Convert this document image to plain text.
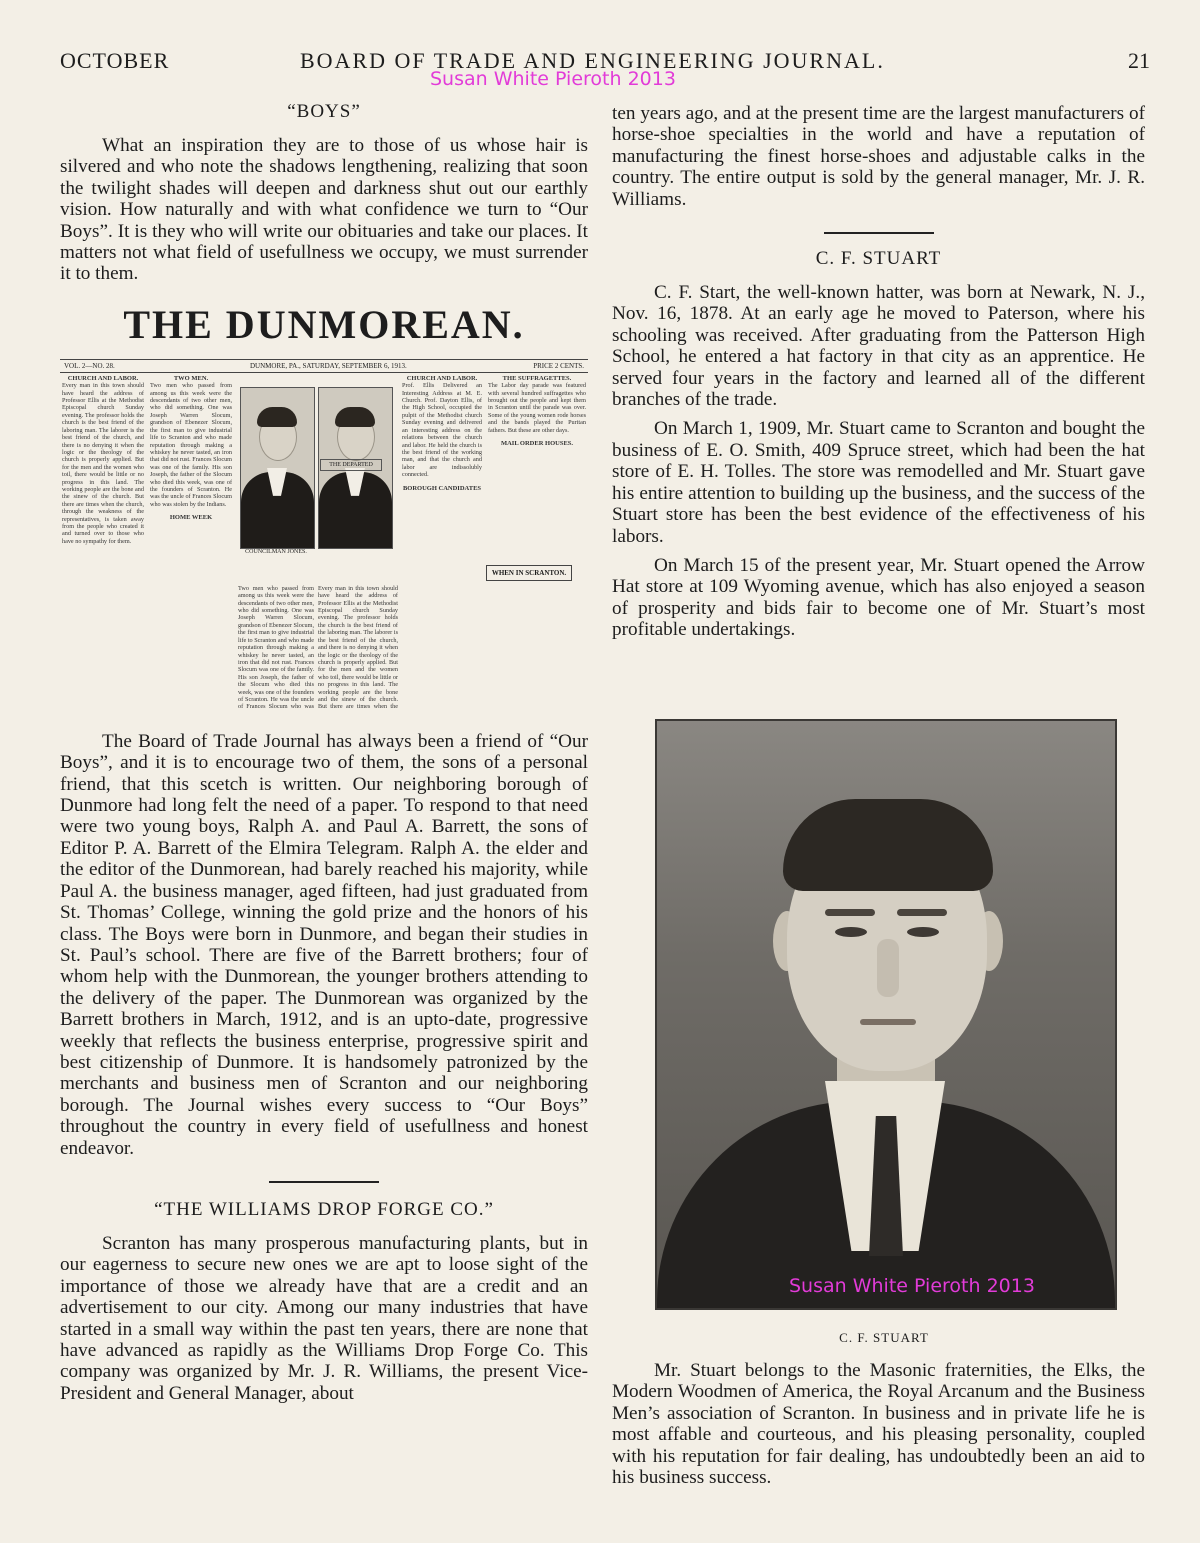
OCTOBER	BOARD OF TRADE AND ENGINEERING JOURNAL.	21
Susan White Pieroth 2013
“BOYS”

What an inspiration they are to those of us whose hair is silvered and who note the shadows lengthening, realizing that soon the twilight shades will deepen and darkness shut out our earthly vision. How naturally and with what confidence we turn to “Our Boys”. It is they who will write our obituaries and take our places. It matters not what field of usefullness we occupy, we must surrender it to them.

THE DUNMOREAN.
VOL. 2—NO. 28.	DUNMORE, PA., SATURDAY, SEPTEMBER 6, 1913.	PRICE 2 CENTS.
CHURCH AND LABOR.
Every man in this town should have heard the address of Professor Ellis at the Methodist Episcopal church Sunday evening. The professor holds the church is the best friend of the laboring man. The laborer is the best friend of the church, and there is no denying it when the logic or the theology of the church is properly applied. But for the men and the women who toil, there would be little or no progress in this land. The working people are the bone and the sinew of the church. But there are times when the church, through the weakness of the representatives, is taken away from the people who created it and turned over to those who have no sympathy for them.
TWO MEN.
Two men who passed from among us this week were the descendants of two other men, who did something. One was Joseph Warren Slocum, grandson of Ebenezer Slocum, the first man to give industrial life to Scranton and who made reputation through making a whiskey he never tasted, an iron that did not rust. Frances Slocum was one of the family. His son Joseph, the father of the Slocum who died this week, was one of the founders of Scranton. He was the uncle of Frances Slocum who was stolen by the Indians.
HOME WEEK
COUNCILMAN JONES.
THE DEPARTED
Two men who passed from among us this week were the descendants of two other men, who did something. One was Joseph Warren Slocum, grandson of Ebenezer Slocum, the first man to give industrial life to Scranton and who made reputation through making a whiskey he never tasted, an iron that did not rust. Frances Slocum was one of the family. His son Joseph, the father of the Slocum who died this week, was one of the founders of Scranton. He was the uncle of Frances Slocum who was
Every man in this town should have heard the address of Professor Ellis at the Methodist Episcopal church Sunday evening. The professor holds the church is the best friend of the laboring man. The laborer is the best friend of the church, and there is no denying it when the logic or the theology of the church is properly applied. But for the men and the women who toil, there would be little or no progress in this land. The working people are the bone and the sinew of the church. But there are times when the
CHURCH AND LABOR.
Prof. Ellis Delivered an Interesting Address at M. E. Church. Prof. Dayton Ellis, of the High School, occupied the pulpit of the Methodist church Sunday evening and delivered an interesting address on the relations between the church and labor. He held the church is the best friend of the working man, and that the church and labor are indissolubly connected.
BOROUGH CANDIDATES
THE SUFFRAGETTES.
The Labor day parade was featured with several hundred suffragettes who brought out the people and kept them in Scranton until the parade was over. Some of the young women rode horses and the bands played the Puritan fathers. But these are other days.
MAIL ORDER HOUSES.
WHEN IN SCRANTON.

The Board of Trade Journal has always been a friend of “Our Boys”, and it is to encourage two of them, the sons of a personal friend, that this scetch is written. Our neighboring borough of Dunmore had long felt the need of a paper. To respond to that need were two young boys, Ralph A. and Paul A. Barrett, the sons of Editor P. A. Barrett of the Elmira Telegram. Ralph A. the elder and the editor of the Dunmorean, had barely reached his majority, while Paul A. the business manager, aged fifteen, had just graduated from St. Thomas’ College, winning the gold prize and the honors of his class. The Boys were born in Dunmore, and began their studies in St. Paul’s school. There are five of the Barrett brothers; four of whom help with the Dunmorean, the younger brothers attending to the delivery of the paper. The Dunmorean was organized by the Barrett brothers in March, 1912, and is an upto-date, progressive weekly that reflects the business enterprise, progressive spirit and best citizenship of Dunmore. It is handsomely patronized by the merchants and business men of Scranton and our neighboring borough. The Journal wishes every success to “Our Boys” throughout the country in every field of usefullness and honest endeavor.

“THE WILLIAMS DROP FORGE CO.”

Scranton has many prosperous manufacturing plants, but in our eagerness to secure new ones we are apt to loose sight of the importance of those we already have that are a credit and an advertisement to our city. Among our many industries that have started in a small way within the past ten years, there are none that have advanced as rapidly as the Williams Drop Forge Co. This company was organized by Mr. J. R. Williams, the present Vice-President and General Manager, about

ten years ago, and at the present time are the largest manufacturers of horse-shoe specialties in the world and have a reputation of manufacturing the finest horse-shoes and adjustable calks in the country. The entire output is sold by the general manager, Mr. J. R. Williams.

C. F. STUART

C. F. Start, the well-known hatter, was born at Newark, N. J., Nov. 16, 1878. At an early age he moved to Paterson, where his schooling was received. After graduating from the Patterson High School, he entered a hat factory in that city as an apprentice. He served four years in the factory and learned all of the different branches of the trade.

On March 1, 1909, Mr. Stuart came to Scranton and bought the business of E. O. Smith, 409 Spruce street, which had been the hat store of E. H. Tolles. The store was remodelled and Mr. Stuart gave his entire attention to building up the business, and the success of the Stuart store has been the best evidence of the effectiveness of his labors.

On March 15 of the present year, Mr. Stuart opened the Arrow Hat store at 109 Wyoming avenue, which has also enjoyed a season of prosperity and bids fair to become one of Mr. Stuart’s most profitable undertakings.

Susan White Pieroth 2013
C. F. STUART

Mr. Stuart belongs to the Masonic fraternities, the Elks, the Modern Woodmen of America, the Royal Arcanum and the Business Men’s association of Scranton. In business and in private life he is most affable and courteous, and his pleasing personality, coupled with his reputation for fair dealing, has undoubtedly been an aid to his business success.
